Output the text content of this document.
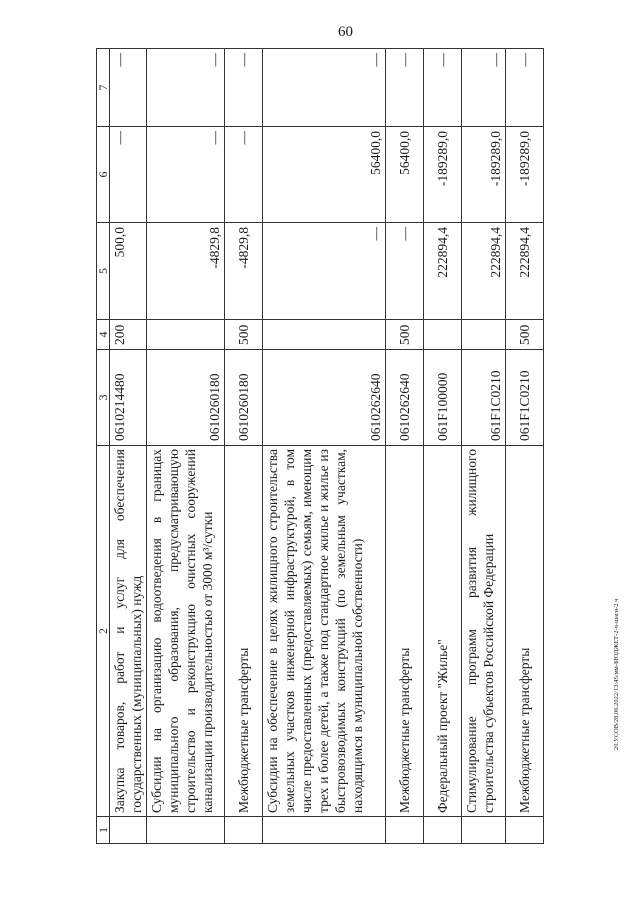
60
20.УСОВ/28.06.2022/13:45/мм-БЮДЖЕТ-2-ч-шаги-2 ч
1	2	3	4	5	6	7
	Закупка товаров, работ и услуг для обеспечения государственных (муниципальных) нужд	0610214480	200	500,0	—	—
	Субсидии на организацию водоотведения в границах муниципального образования, предусматривающую строительство и реконструкцию очистных сооружений канализации производительностью от 3000 м³/сутки	0610260180		-4829,8	—	—
	Межбюджетные трансферты	0610260180	500	-4829,8	—	—
	Субсидии на обеспечение в целях жилищного строительства земельных участков инженерной инфраструктурой, в том числе предоставленных (предоставляемых) семьям, имеющим трех и более детей, а также под стандартное жилье и жилье из быстровозводимых конструкций (по земельным участкам, находящимся в муниципальной собственности)	0610262640		—	56400,0	—
	Межбюджетные трансферты	0610262640	500	—	56400,0	—
	Федеральный проект "Жилье"	061F100000		222894,4	-189289,0	—
	Стимулирование программ развития жилищного строительства субъектов Российской Федерации	061F1C0210		222894,4	-189289,0	—
	Межбюджетные трансферты	061F1C0210	500	222894,4	-189289,0	—
